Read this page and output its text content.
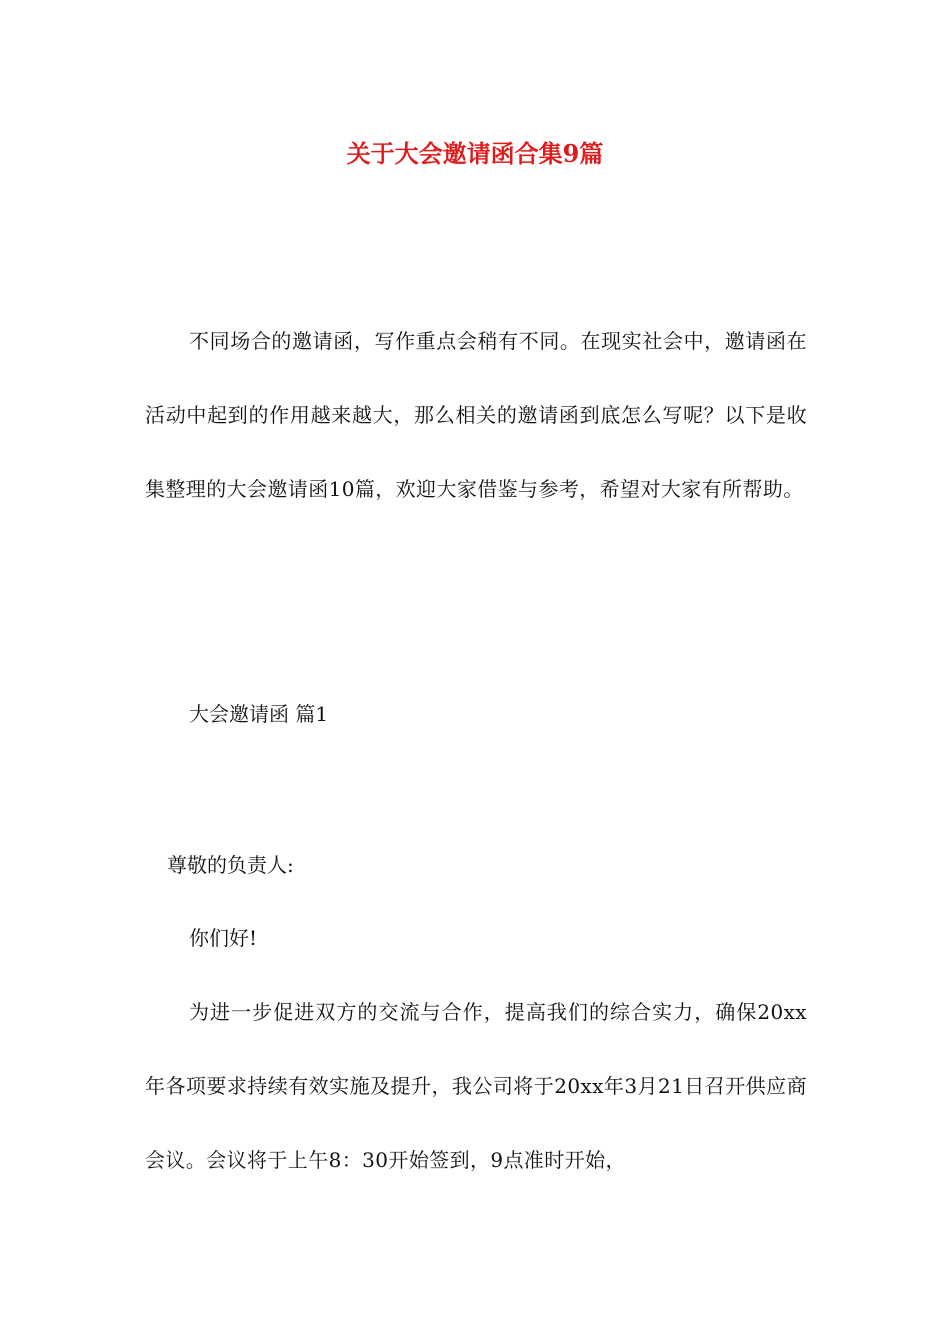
关于大会邀请函合集9篇

不同场合的邀请函，写作重点会稍有不同。在现实社会中，邀请函在活动中起到的作用越来越大，那么相关的邀请函到底怎么写呢？以下是收集整理的大会邀请函10篇，欢迎大家借鉴与参考，希望对大家有所帮助。

大会邀请函 篇1

尊敬的负责人:

你们好!

为进一步促进双方的交流与合作，提高我们的综合实力，确保20xx年各项要求持续有效实施及提升，我公司将于20xx年3月21日召开供应商会议。会议将于上午8：30开始签到，9点准时开始，
